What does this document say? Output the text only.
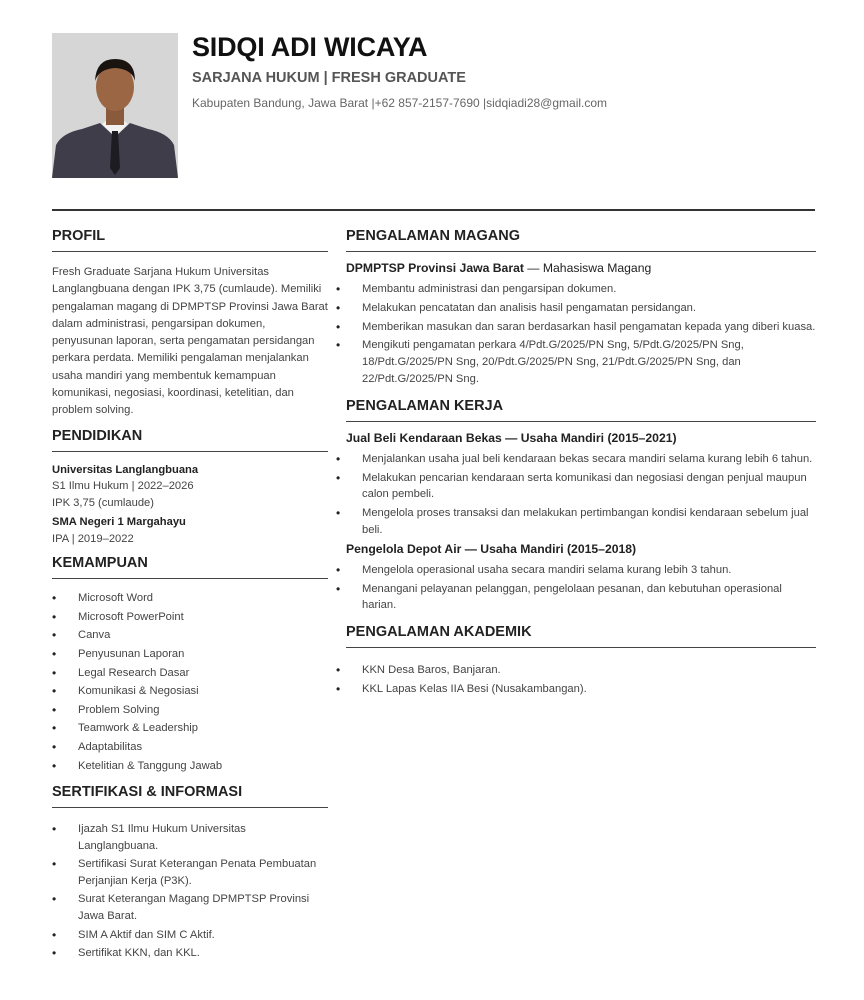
SIDQI ADI WICAYA
SARJANA HUKUM | FRESH GRADUATE
Kabupaten Bandung, Jawa Barat |+62 857-2157-7690 |sidqiadi28@gmail.com
PROFIL

Fresh Graduate Sarjana Hukum Universitas Langlangbuana dengan IPK 3,75 (cumlaude). Memiliki pengalaman magang di DPMPTSP Provinsi Jawa Barat dalam administrasi, pengarsipan dokumen, penyusunan laporan, serta pengamatan persidangan perkara perdata. Memiliki pengalaman menjalankan usaha mandiri yang membentuk kemampuan komunikasi, negosiasi, koordinasi, ketelitian, dan problem solving.

PENDIDIKAN
Universitas Langlangbuana
S1 Ilmu Hukum | 2022–2026
IPK 3,75 (cumlaude)
SMA Negeri 1 Margahayu
IPA | 2019–2022
KEMAMPUAN
• Microsoft Word
• Microsoft PowerPoint
• Canva
• Penyusunan Laporan
• Legal Research Dasar
• Komunikasi & Negosiasi
• Problem Solving
• Teamwork & Leadership
• Adaptabilitas
• Ketelitian & Tanggung Jawab
SERTIFIKASI & INFORMASI
• Ijazah S1 Ilmu Hukum Universitas Langlangbuana.
• Sertifikasi Surat Keterangan Penata Pembuatan Perjanjian Kerja (P3K).
• Surat Keterangan Magang DPMPTSP Provinsi Jawa Barat.
• SIM A Aktif dan SIM C Aktif.
• Sertifikat KKN, dan KKL.
PENGALAMAN MAGANG
DPMPTSP Provinsi Jawa Barat — Mahasiswa Magang
• Membantu administrasi dan pengarsipan dokumen.
• Melakukan pencatatan dan analisis hasil pengamatan persidangan.
• Memberikan masukan dan saran berdasarkan hasil pengamatan kepada yang diberi kuasa.
• Mengikuti pengamatan perkara 4/Pdt.G/2025/PN Sng, 5/Pdt.G/2025/PN Sng, 18/Pdt.G/2025/PN Sng, 20/Pdt.G/2025/PN Sng, 21/Pdt.G/2025/PN Sng, dan 22/Pdt.G/2025/PN Sng.
PENGALAMAN KERJA
Jual Beli Kendaraan Bekas — Usaha Mandiri (2015–2021)
• Menjalankan usaha jual beli kendaraan bekas secara mandiri selama kurang lebih 6 tahun.
• Melakukan pencarian kendaraan serta komunikasi dan negosiasi dengan penjual maupun calon pembeli.
• Mengelola proses transaksi dan melakukan pertimbangan kondisi kendaraan sebelum jual beli.
Pengelola Depot Air — Usaha Mandiri (2015–2018)
• Mengelola operasional usaha secara mandiri selama kurang lebih 3 tahun.
• Menangani pelayanan pelanggan, pengelolaan pesanan, dan kebutuhan operasional harian.
PENGALAMAN AKADEMIK
• KKN Desa Baros, Banjaran.
• KKL Lapas Kelas IIA Besi (Nusakambangan).
